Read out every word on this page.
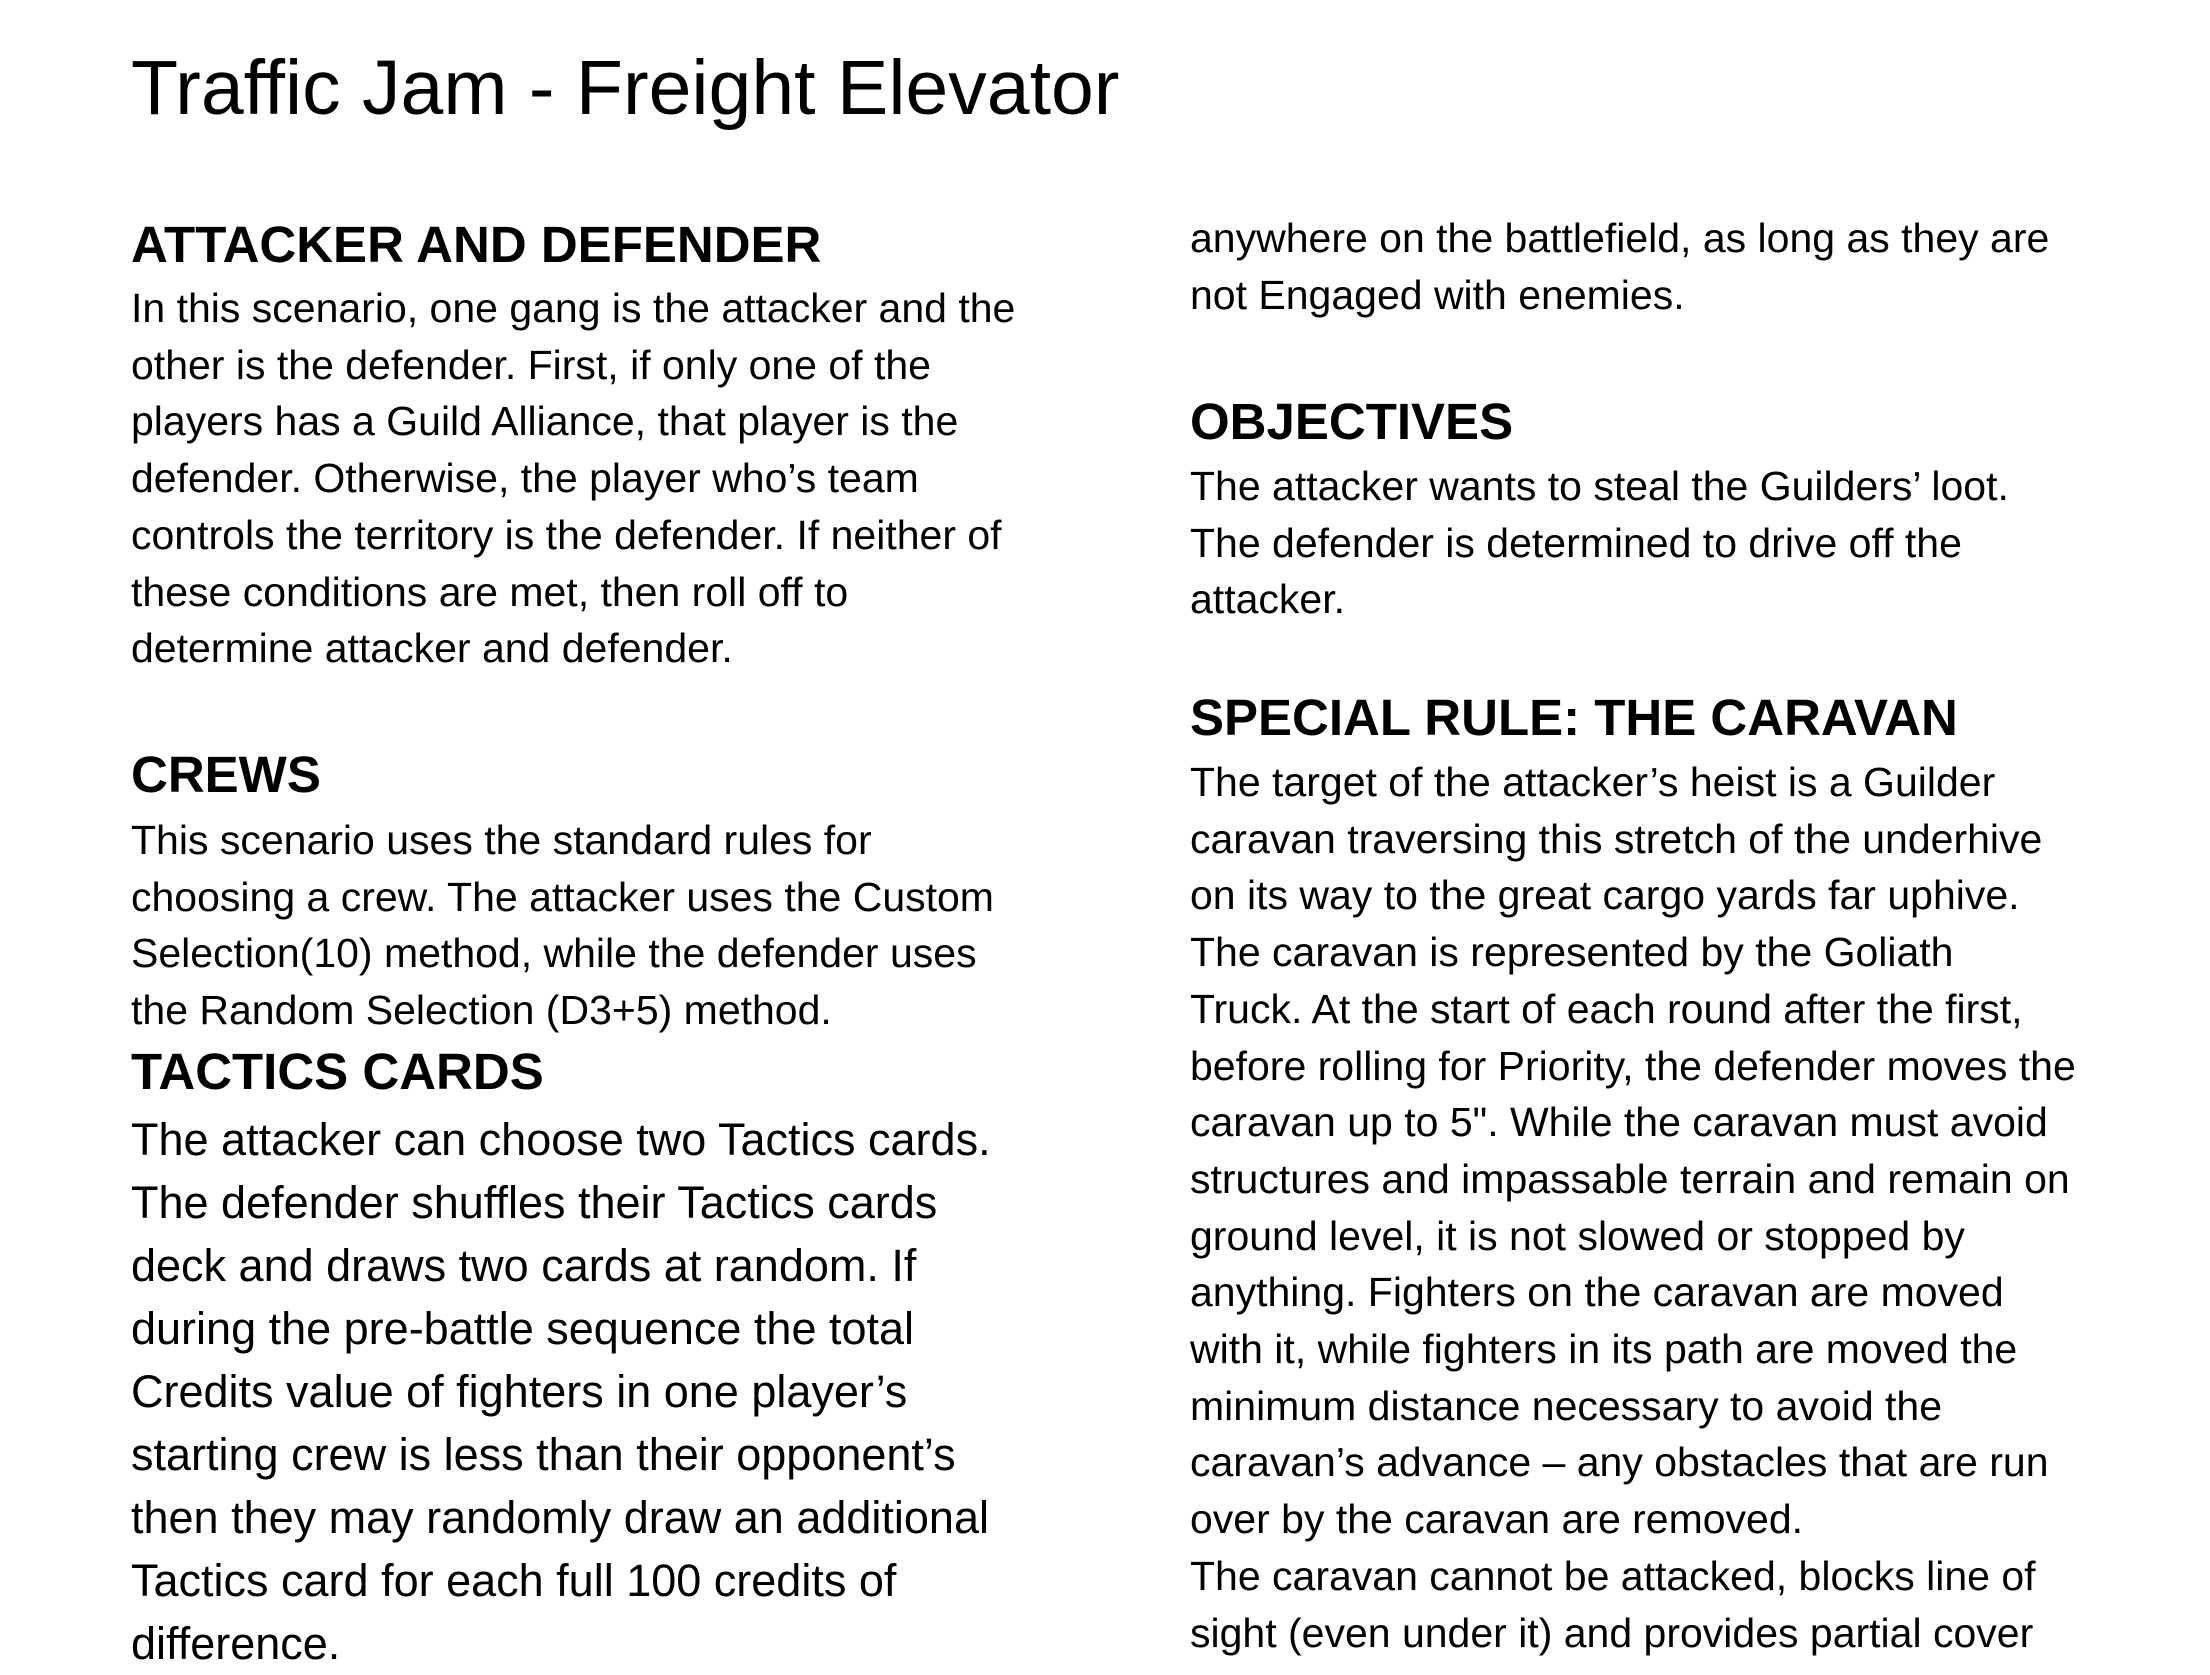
Traffic Jam - Freight Elevator
ATTACKER AND DEFENDER
In this scenario, one gang is the attacker and the
other is the defender. First, if only one of the
players has a Guild Alliance, that player is the
defender. Otherwise, the player who’s team
controls the territory is the defender. If neither of
these conditions are met, then roll off to
determine attacker and defender.
CREWS
This scenario uses the standard rules for
choosing a crew. The attacker uses the Custom
Selection(10) method, while the defender uses
the Random Selection (D3+5) method.
TACTICS CARDS
The attacker can choose two Tactics cards.
The defender shuffles their Tactics cards
deck and draws two cards at random. If
during the pre-battle sequence the total
Credits value of fighters in one player’s
starting crew is less than their opponent’s
then they may randomly draw an additional
Tactics card for each full 100 credits of
difference.
anywhere on the battlefield, as long as they are
not Engaged with enemies.
OBJECTIVES
The attacker wants to steal the Guilders’ loot.
The defender is determined to drive off the
attacker.
SPECIAL RULE: THE CARAVAN
The target of the attacker’s heist is a Guilder
caravan traversing this stretch of the underhive
on its way to the great cargo yards far uphive.
The caravan is represented by the Goliath
Truck. At the start of each round after the first,
before rolling for Priority, the defender moves the
caravan up to 5". While the caravan must avoid
structures and impassable terrain and remain on
ground level, it is not slowed or stopped by
anything. Fighters on the caravan are moved
with it, while fighters in its path are moved the
minimum distance necessary to avoid the
caravan’s advance – any obstacles that are run
over by the caravan are removed.
The caravan cannot be attacked, blocks line of
sight (even under it) and provides partial cover
